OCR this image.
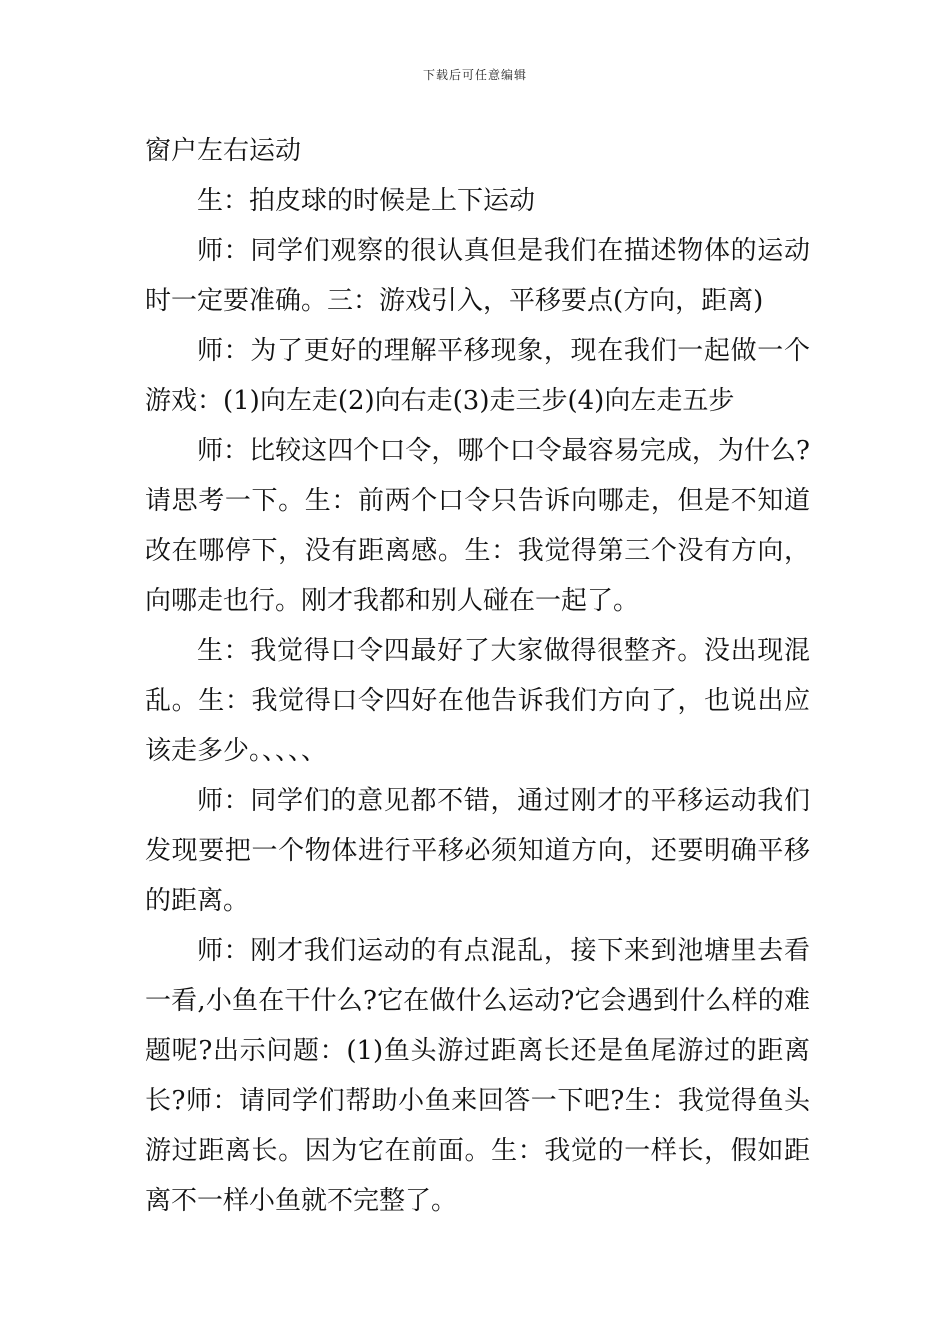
下载后可任意编辑

窗户左右运动

生：拍皮球的时候是上下运动

师：同学们观察的很认真但是我们在描述物体的运动时一定要准确。三：游戏引入，平移要点(方向，距离)

师：为了更好的理解平移现象，现在我们一起做一个游戏：(1)向左走(2)向右走(3)走三步(4)向左走五步

师：比较这四个口令，哪个口令最容易完成，为什么?请思考一下。生：前两个口令只告诉向哪走，但是不知道改在哪停下，没有距离感。生：我觉得第三个没有方向，向哪走也行。刚才我都和别人碰在一起了。

生：我觉得口令四最好了大家做得很整齐。没出现混乱。生：我觉得口令四好在他告诉我们方向了，也说出应该走多少。、、、、

师：同学们的意见都不错，通过刚才的平移运动我们发现要把一个物体进行平移必须知道方向，还要明确平移的距离。

师：刚才我们运动的有点混乱，接下来到池塘里去看一看,小鱼在干什么?它在做什么运动?它会遇到什么样的难题呢?出示问题：(1)鱼头游过距离长还是鱼尾游过的距离长?师：请同学们帮助小鱼来回答一下吧?生：我觉得鱼头游过距离长。因为它在前面。生：我觉的一样长，假如距离不一样小鱼就不完整了。
